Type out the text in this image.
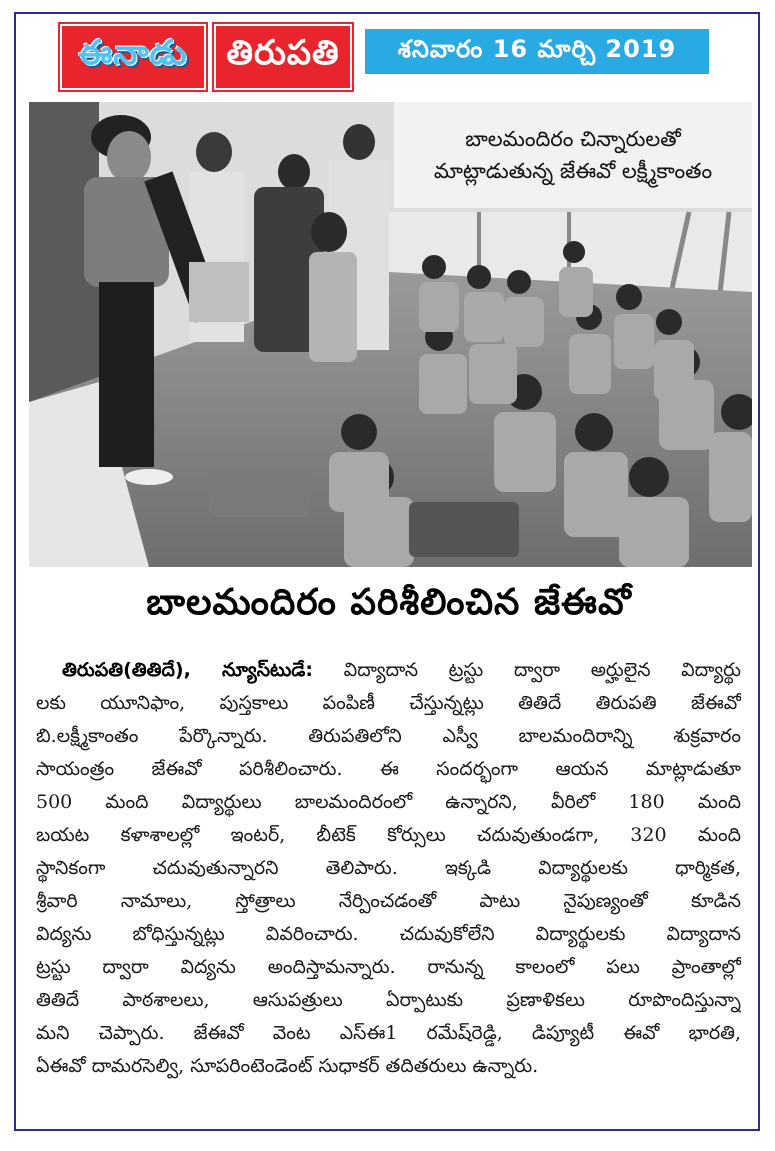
ఈనాడు తిరుపతి శనివారం 16 మార్చి 2019
బాలమందిరం చిన్నారులతో
మాట్లాడుతున్న జేఈవో లక్ష్మీకాంతం
బాలమందిరం పరిశీలించిన జేఈవో
తిరుపతి(తితిదే), న్యూస్‌టుడే: విద్యాదాన ట్రస్టు ద్వారా అర్హులైన విద్యార్థు
లకు యూనిఫాం, పుస్తకాలు పంపిణీ చేస్తున్నట్లు తితిదే తిరుపతి జేఈవో
బి.లక్ష్మీకాంతం పేర్కొన్నారు. తిరుపతిలోని ఎస్వీ బాలమందిరాన్ని శుక్రవారం
సాయంత్రం జేఈవో పరిశీలించారు. ఈ సందర్భంగా ఆయన మాట్లాడుతూ
500 మంది విద్యార్థులు బాలమందిరంలో ఉన్నారని, వీరిలో 180 మంది
బయట కళాశాలల్లో ఇంటర్, బీటెక్ కోర్సులు చదువుతుండగా, 320 మంది
స్థానికంగా చదువుతున్నారని తెలిపారు. ఇక్కడి విద్యార్థులకు ధార్మికత,
శ్రీవారి నామాలు, స్తోత్రాలు నేర్పించడంతో పాటు నైపుణ్యంతో కూడిన
విద్యను బోధిస్తున్నట్లు వివరించారు. చదువుకోలేని విద్యార్థులకు విద్యాదాన
ట్రస్టు ద్వారా విద్యను అందిస్తామన్నారు. రానున్న కాలంలో పలు ప్రాంతాల్లో
తితిదే పాఠశాలలు, ఆసుపత్రులు ఏర్పాటుకు ప్రణాళికలు రూపొందిస్తున్నా
మని చెప్పారు. జేఈవో వెంట ఎస్ఈ1 రమేష్‌రెడ్డి, డిప్యూటీ ఈవో భారతి,
ఏఈవో దామరసెల్వి, సూపరింటెండెంట్ సుధాకర్ తదితరులు ఉన్నారు.
